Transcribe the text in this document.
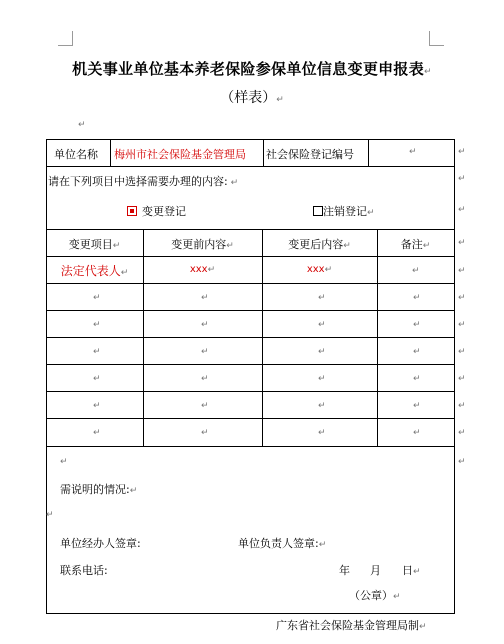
机关事业单位基本养老保险参保单位信息变更申报表↵
（样表）↵
↵
单位名称 梅州市社会保险基金管理局 社会保险登记编号	↵	↵
请在下列项目中选择需要办理的内容: ↵	↵
变更登记	注销登记↵	↵
变更项目↵	变更前内容↵	变更后内容↵	备注↵	↵
法定代表人↵	xxx↵	xxx↵	↵	↵
↵	↵	↵	↵	↵
↵	↵	↵	↵	↵
↵	↵	↵	↵	↵
↵	↵	↵	↵	↵
↵	↵	↵	↵	↵
↵	↵	↵	↵	↵
↵	↵
需说明的情况:↵
↵
单位经办人签章:	单位负责人签章:↵
联系电话:	年 月 日↵
（公章）↵
广东省社会保险基金管理局制↵
